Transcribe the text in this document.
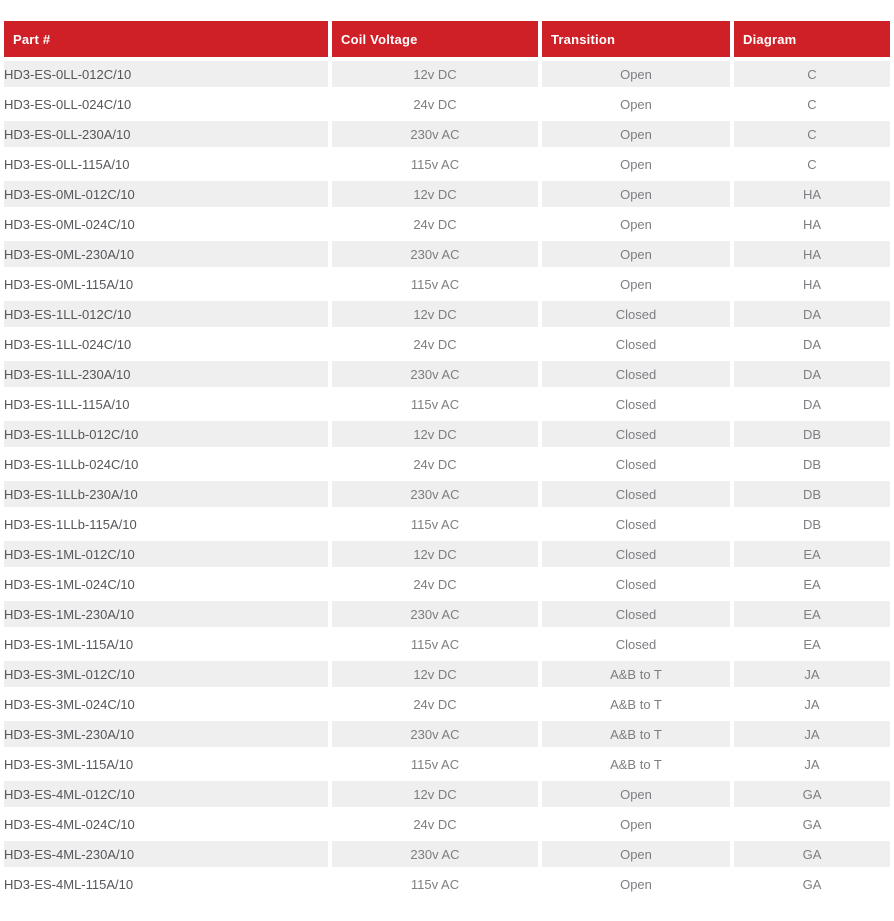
Part #	Coil Voltage	Transition	Diagram
HD3-ES-0LL-012C/10	12v DC	Open	C
HD3-ES-0LL-024C/10	24v DC	Open	C
HD3-ES-0LL-230A/10	230v AC	Open	C
HD3-ES-0LL-115A/10	115v AC	Open	C
HD3-ES-0ML-012C/10	12v DC	Open	HA
HD3-ES-0ML-024C/10	24v DC	Open	HA
HD3-ES-0ML-230A/10	230v AC	Open	HA
HD3-ES-0ML-115A/10	115v AC	Open	HA
HD3-ES-1LL-012C/10	12v DC	Closed	DA
HD3-ES-1LL-024C/10	24v DC	Closed	DA
HD3-ES-1LL-230A/10	230v AC	Closed	DA
HD3-ES-1LL-115A/10	115v AC	Closed	DA
HD3-ES-1LLb-012C/10	12v DC	Closed	DB
HD3-ES-1LLb-024C/10	24v DC	Closed	DB
HD3-ES-1LLb-230A/10	230v AC	Closed	DB
HD3-ES-1LLb-115A/10	115v AC	Closed	DB
HD3-ES-1ML-012C/10	12v DC	Closed	EA
HD3-ES-1ML-024C/10	24v DC	Closed	EA
HD3-ES-1ML-230A/10	230v AC	Closed	EA
HD3-ES-1ML-115A/10	115v AC	Closed	EA
HD3-ES-3ML-012C/10	12v DC	A&B to T	JA
HD3-ES-3ML-024C/10	24v DC	A&B to T	JA
HD3-ES-3ML-230A/10	230v AC	A&B to T	JA
HD3-ES-3ML-115A/10	115v AC	A&B to T	JA
HD3-ES-4ML-012C/10	12v DC	Open	GA
HD3-ES-4ML-024C/10	24v DC	Open	GA
HD3-ES-4ML-230A/10	230v AC	Open	GA
HD3-ES-4ML-115A/10	115v AC	Open	GA
